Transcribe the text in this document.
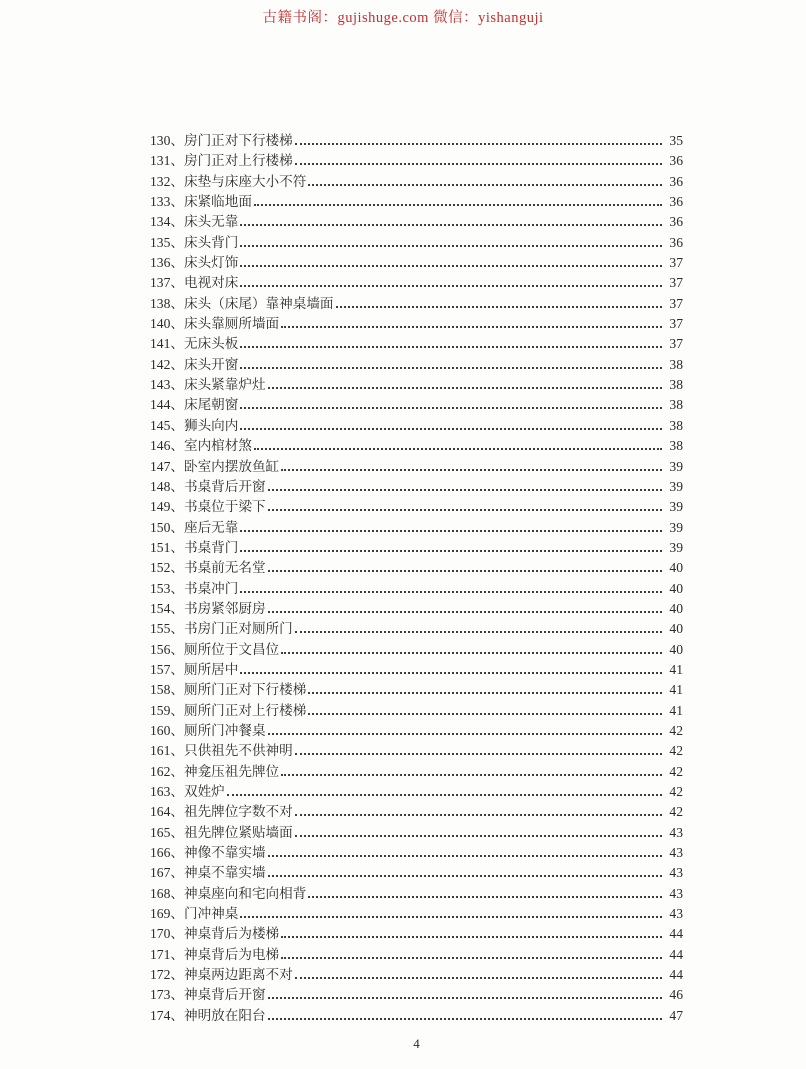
古籍书阁：gujishuge.com 微信：yishanguji
130、 房门正对下行楼梯	35
131、 房门正对上行楼梯	36
132、 床垫与床座大小不符	36
133、 床紧临地面	36
134、 床头无靠	36
135、 床头背门	36
136、 床头灯饰	37
137、 电视对床	37
138、 床头（床尾）靠神桌墙面	37
140、 床头靠厕所墙面	37
141、 无床头板	37
142、 床头开窗	38
143、 床头紧靠炉灶	38
144、 床尾朝窗	38
145、 狮头向内	38
146、 室内棺材煞	38
147、 卧室内摆放鱼缸	39
148、 书桌背后开窗	39
149、 书桌位于梁下	39
150、 座后无靠	39
151、 书桌背门	39
152、 书桌前无名堂	40
153、 书桌冲门	40
154、 书房紧邻厨房	40
155、 书房门正对厕所门	40
156、 厕所位于文昌位	40
157、 厕所居中	41
158、 厕所门正对下行楼梯	41
159、 厕所门正对上行楼梯	41
160、 厕所门冲餐桌	42
161、 只供祖先不供神明	42
162、 神龛压祖先牌位	42
163、 双姓炉	42
164、 祖先牌位字数不对	42
165、 祖先牌位紧贴墙面	43
166、 神像不靠实墙	43
167、 神桌不靠实墙	43
168、 神桌座向和宅向相背	43
169、 门冲神桌	43
170、 神桌背后为楼梯	44
171、 神桌背后为电梯	44
172、 神桌两边距离不对	44
173、 神桌背后开窗	46
174、 神明放在阳台	47
4
